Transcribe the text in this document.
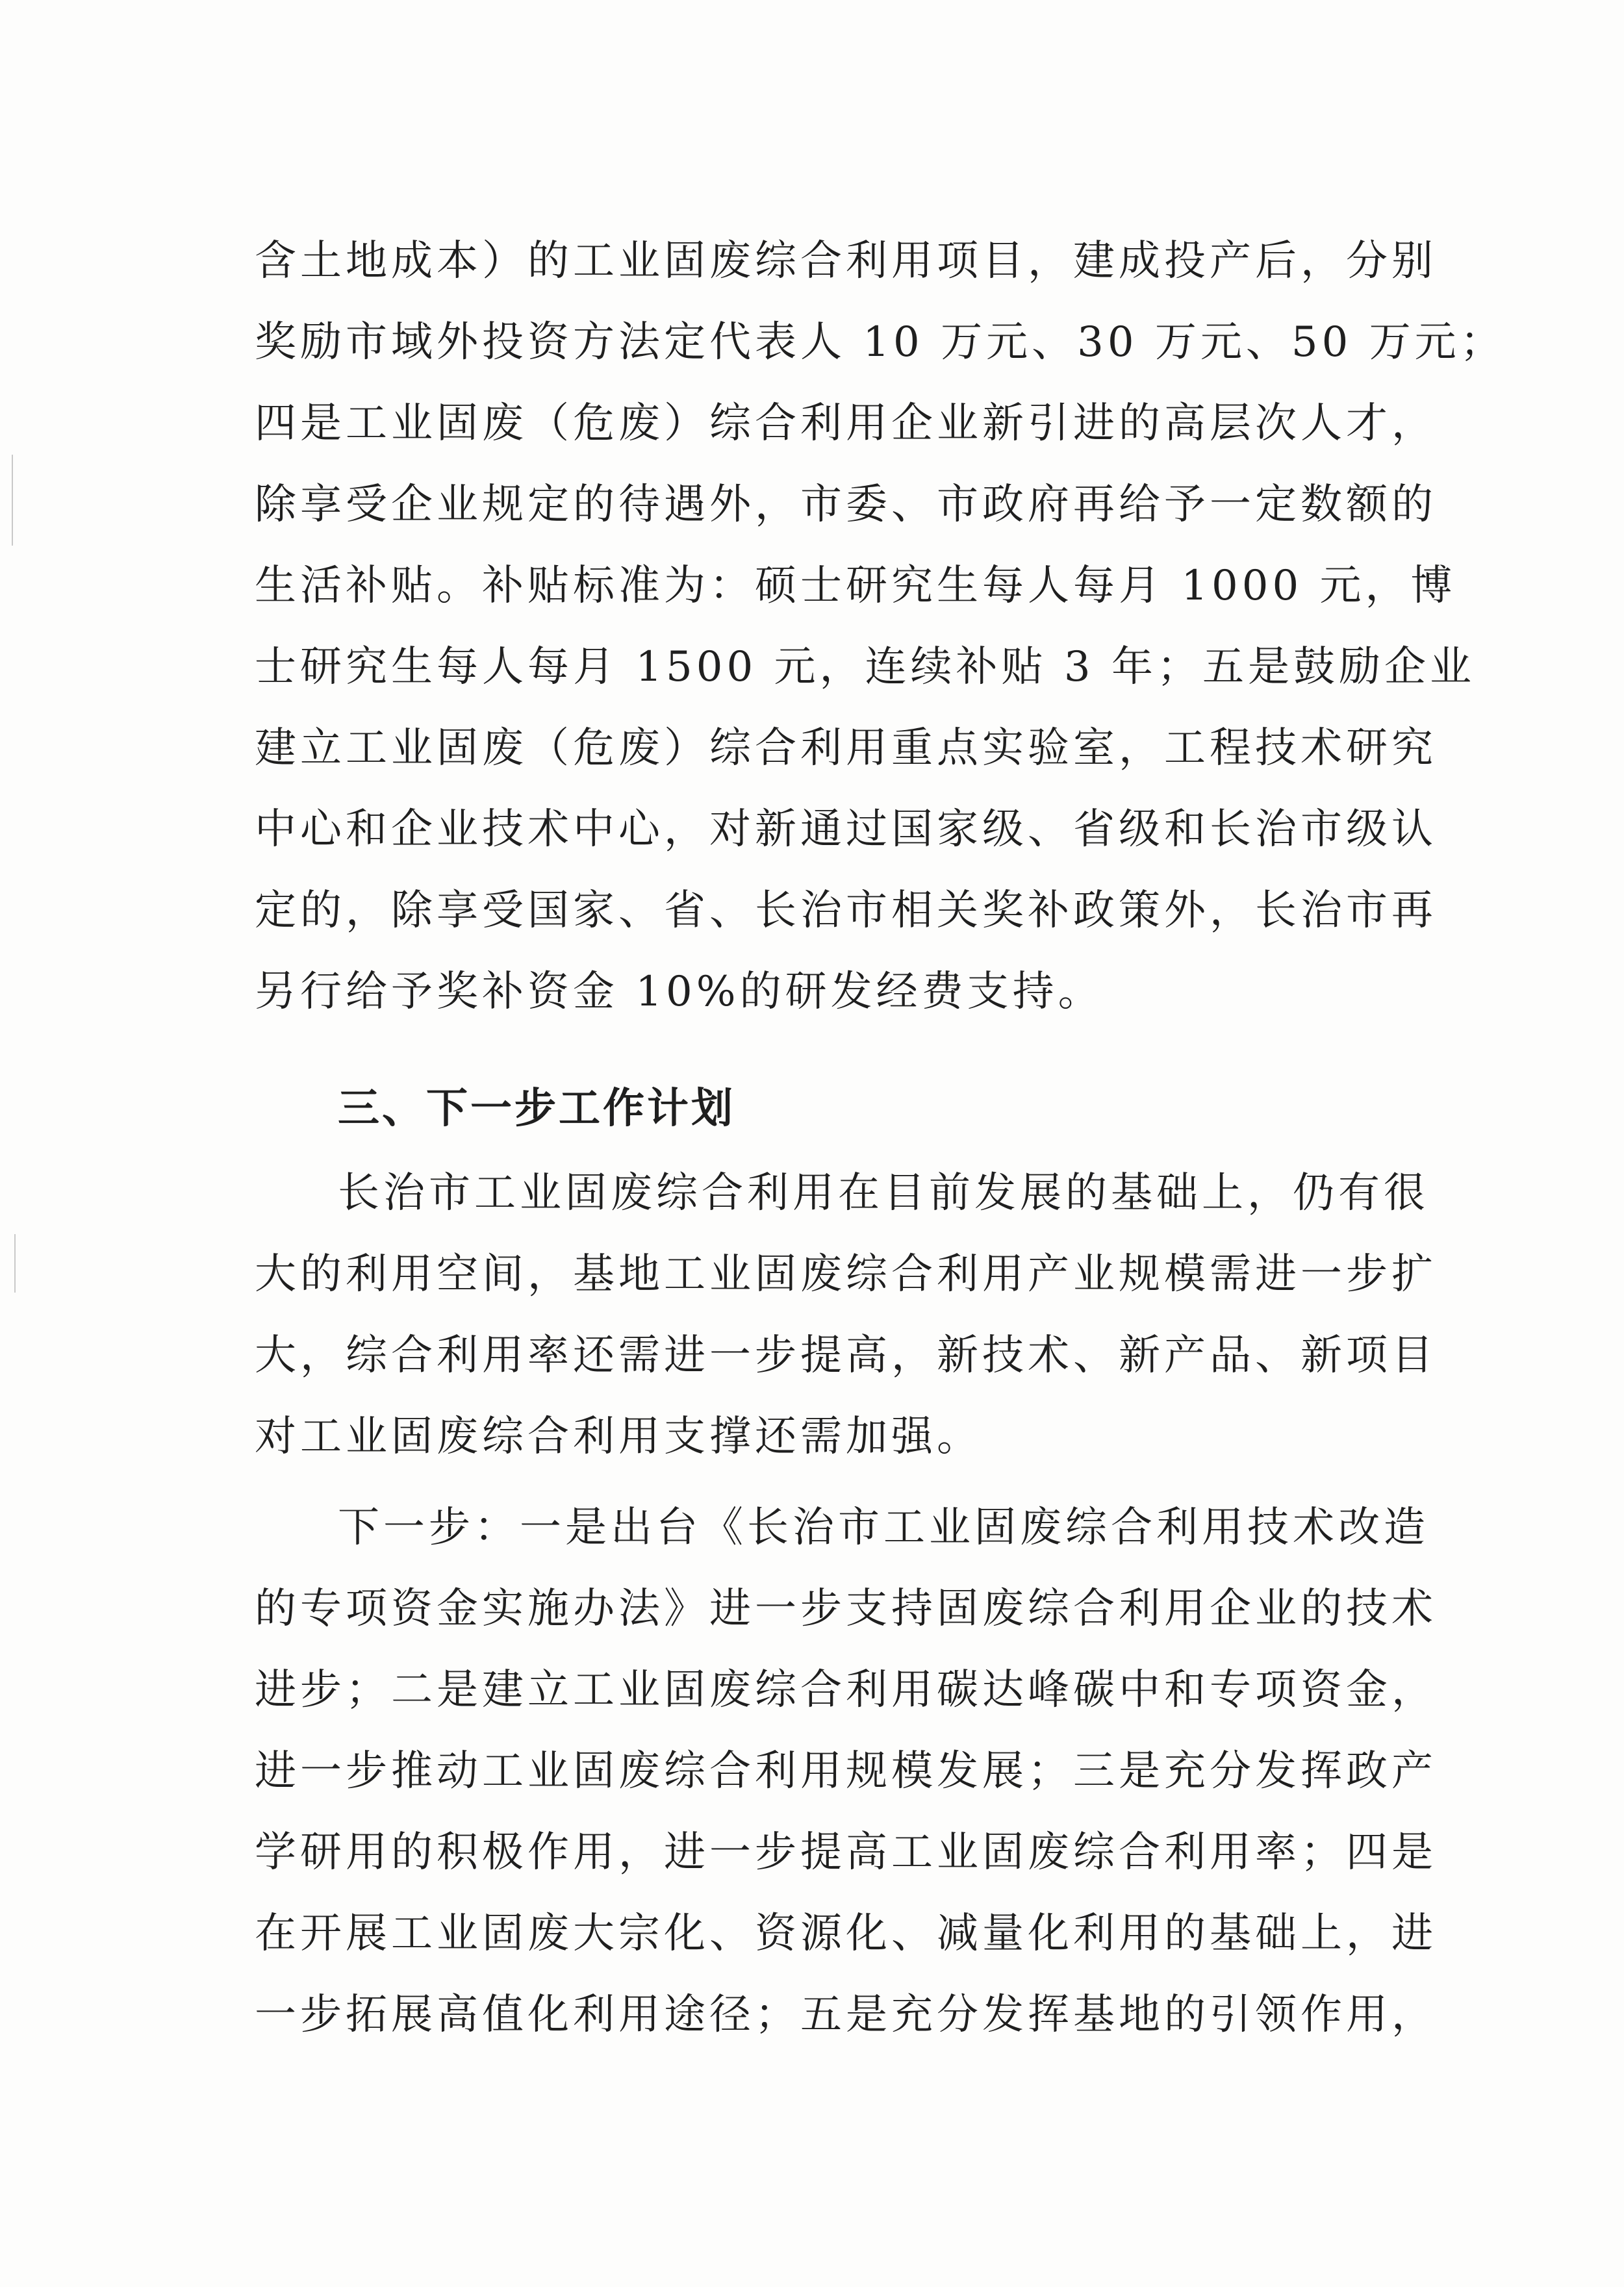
含土地成本）的工业固废综合利用项目，建成投产后，分别
奖励市域外投资方法定代表人 10 万元、30 万元、50 万元；
四是工业固废（危废）综合利用企业新引进的高层次人才，
除享受企业规定的待遇外，市委、市政府再给予一定数额的
生活补贴。补贴标准为：硕士研究生每人每月 1000 元，博
士研究生每人每月 1500 元，连续补贴 3 年；五是鼓励企业
建立工业固废（危废）综合利用重点实验室，工程技术研究
中心和企业技术中心，对新通过国家级、省级和长治市级认
定的，除享受国家、省、长治市相关奖补政策外，长治市再
另行给予奖补资金 10%的研发经费支持。
三、下一步工作计划
长治市工业固废综合利用在目前发展的基础上，仍有很
大的利用空间，基地工业固废综合利用产业规模需进一步扩
大，综合利用率还需进一步提高，新技术、新产品、新项目
对工业固废综合利用支撑还需加强。
下一步：一是出台《长治市工业固废综合利用技术改造
的专项资金实施办法》进一步支持固废综合利用企业的技术
进步；二是建立工业固废综合利用碳达峰碳中和专项资金，
进一步推动工业固废综合利用规模发展；三是充分发挥政产
学研用的积极作用，进一步提高工业固废综合利用率；四是
在开展工业固废大宗化、资源化、减量化利用的基础上，进
一步拓展高值化利用途径；五是充分发挥基地的引领作用，
